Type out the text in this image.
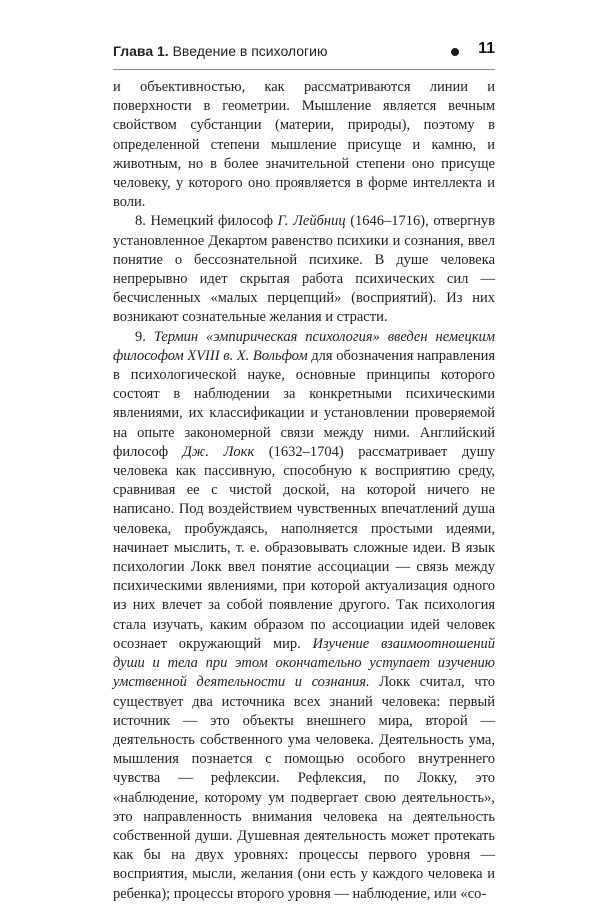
Глава 1. Введение в психологию	11

и объективностью, как рассматриваются линии и поверхности в геометрии. Мышление является вечным свойством субстанции (материи, природы), поэтому в определенной степени мышление присуще и камню, и животным, но в более значительной степени оно присуще человеку, у которого оно проявляется в форме интеллекта и воли.

8. Немецкий философ Г. Лейбниц (1646–1716), отвергнув установленное Декартом равенство психики и сознания, ввел понятие о бессознательной психике. В душе человека непрерывно идет скрытая работа психических сил — бесчисленных «малых перцепций» (восприятий). Из них возникают сознательные желания и страсти.

9. Термин «эмпирическая психология» введен немецким философом XVIII в. Х. Вольфом для обозначения направления в психологической науке, основные принципы которого состоят в наблюдении за конкретными психическими явлениями, их классификации и установлении проверяемой на опыте закономерной связи между ними. Английский философ Дж. Локк (1632–1704) рассматривает душу человека как пассивную, способную к восприятию среду, сравнивая ее с чистой доской, на которой ничего не написано. Под воздействием чувственных впечатлений душа человека, пробуждаясь, наполняется простыми идеями, начинает мыслить, т. е. образовывать сложные идеи. В язык психологии Локк ввел понятие ассоциации — связь между психическими явлениями, при которой актуализация одного из них влечет за собой появление другого. Так психология стала изучать, каким образом по ассоциации идей человек осознает окружающий мир. Изучение взаимоотношений души и тела при этом окончательно уступает изучению умственной деятельности и сознания. Локк считал, что существует два источника всех знаний человека: первый источник — это объекты внешнего мира, второй — деятельность собственного ума человека. Деятельность ума, мышления познается с помощью особого внутреннего чувства — рефлексии. Рефлексия, по Локку, это «наблюдение, которому ум подвергает свою деятельность», это направленность внимания человека на деятельность собственной души. Душевная деятельность может протекать как бы на двух уровнях: процессы первого уровня — восприятия, мысли, желания (они есть у каждого человека и ребенка); процессы второго уровня — наблюдение, или «со-
